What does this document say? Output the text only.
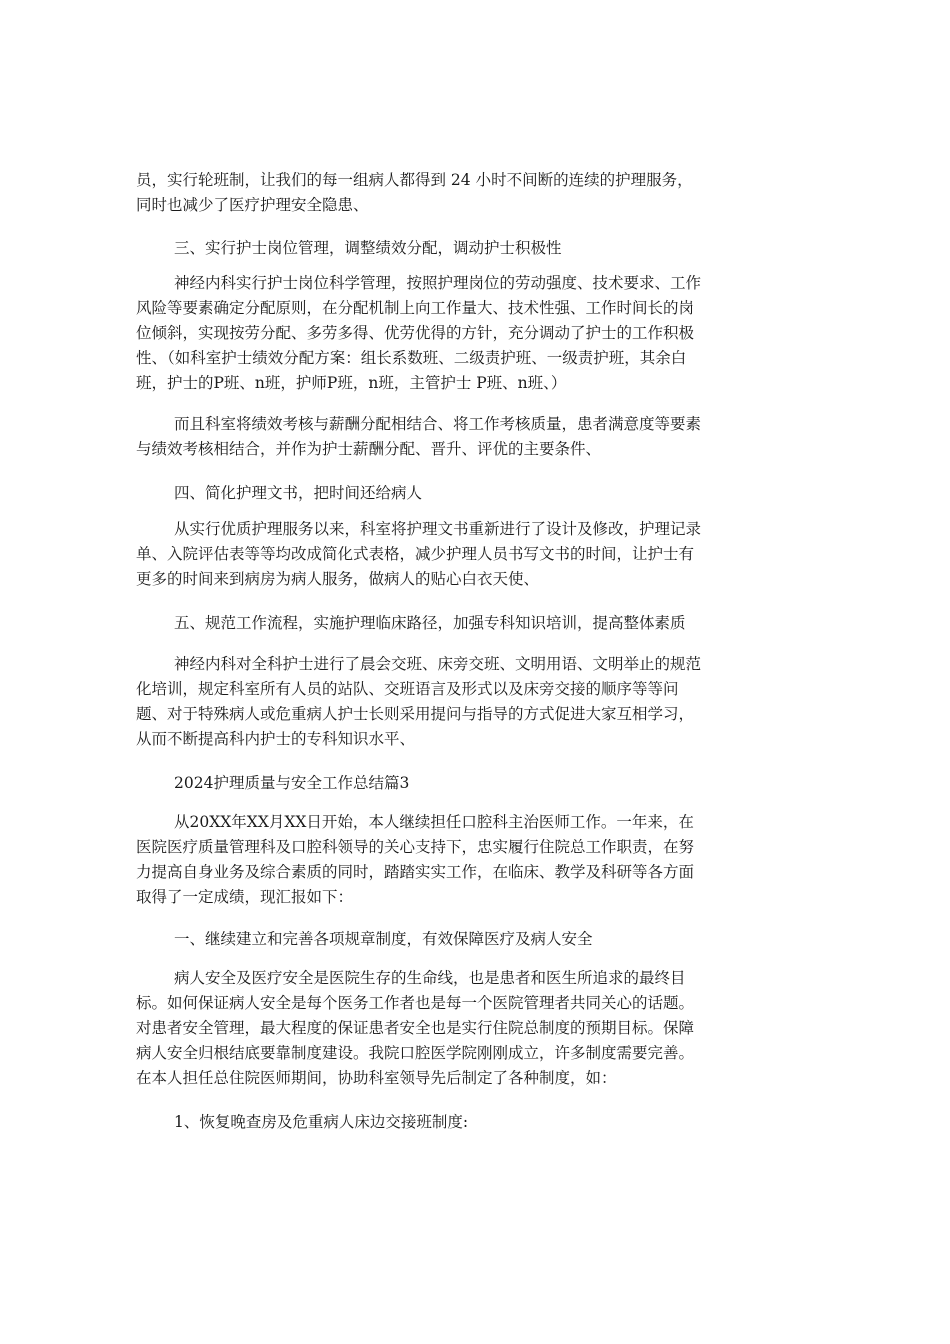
员，实行轮班制，让我们的每一组病人都得到 24 小时不间断的连续的护理服务，
同时也减少了医疗护理安全隐患、

三、实行护士岗位管理，调整绩效分配，调动护士积极性

神经内科实行护士岗位科学管理，按照护理岗位的劳动强度、技术要求、工作
风险等要素确定分配原则，在分配机制上向工作量大、技术性强、工作时间长的岗
位倾斜，实现按劳分配、多劳多得、优劳优得的方针，充分调动了护士的工作积极
性、（如科室护士绩效分配方案：组长系数班、二级责护班、一级责护班，其余白
班，护士的P班、n班，护师P班，n班，主管护士 P班、n班、）

而且科室将绩效考核与薪酬分配相结合、将工作考核质量，患者满意度等要素
与绩效考核相结合，并作为护士薪酬分配、晋升、评优的主要条件、

四、简化护理文书，把时间还给病人

从实行优质护理服务以来，科室将护理文书重新进行了设计及修改，护理记录
单、入院评估表等等均改成简化式表格，减少护理人员书写文书的时间，让护士有
更多的时间来到病房为病人服务，做病人的贴心白衣天使、

五、规范工作流程，实施护理临床路径，加强专科知识培训，提高整体素质

神经内科对全科护士进行了晨会交班、床旁交班、文明用语、文明举止的规范
化培训，规定科室所有人员的站队、交班语言及形式以及床旁交接的顺序等等问
题、对于特殊病人或危重病人护士长则采用提问与指导的方式促进大家互相学习，
从而不断提高科内护士的专科知识水平、

2024护理质量与安全工作总结篇3

从20XX年XX月XX日开始，本人继续担任口腔科主治医师工作。一年来，在
医院医疗质量管理科及口腔科领导的关心支持下，忠实履行住院总工作职责，在努
力提高自身业务及综合素质的同时，踏踏实实工作，在临床、教学及科研等各方面
取得了一定成绩，现汇报如下：

一、继续建立和完善各项规章制度，有效保障医疗及病人安全

病人安全及医疗安全是医院生存的生命线，也是患者和医生所追求的最终目
标。如何保证病人安全是每个医务工作者也是每一个医院管理者共同关心的话题。
对患者安全管理，最大程度的保证患者安全也是实行住院总制度的预期目标。保障
病人安全归根结底要靠制度建设。我院口腔医学院刚刚成立，许多制度需要完善。
在本人担任总住院医师期间，协助科室领导先后制定了各种制度，如：

1、恢复晚查房及危重病人床边交接班制度:
